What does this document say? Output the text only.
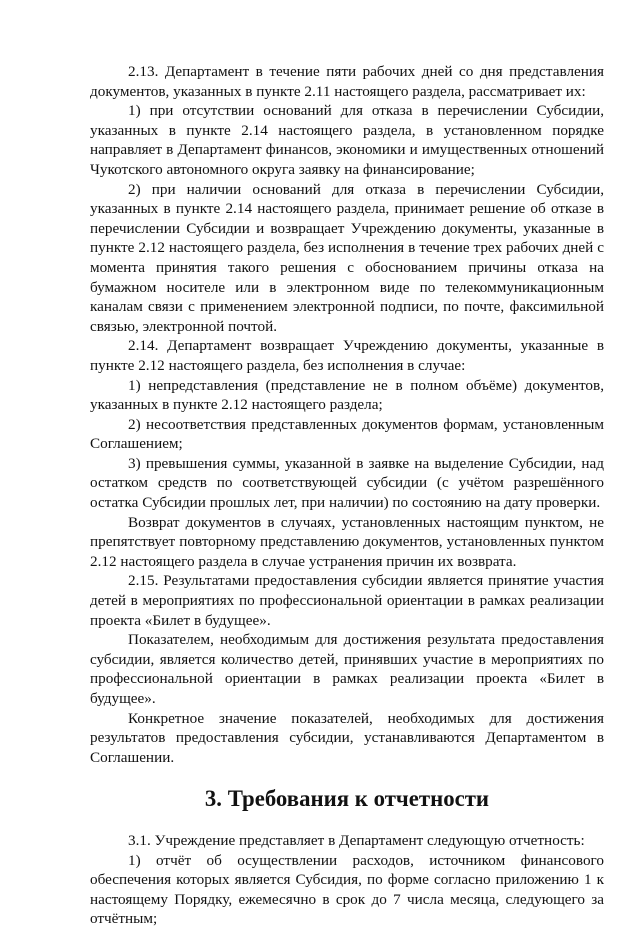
2.13. Департамент в течение пяти рабочих дней со дня представления документов, указанных в пункте 2.11 настоящего раздела, рассматривает их:

1) при отсутствии оснований для отказа в перечислении Субсидии, указанных в пункте 2.14 настоящего раздела, в установленном порядке направляет в Департамент финансов, экономики и имущественных отношений Чукотского автономного округа заявку на финансирование;

2) при наличии оснований для отказа в перечислении Субсидии, указанных в пункте 2.14 настоящего раздела, принимает решение об отказе в перечислении Субсидии и возвращает Учреждению документы, указанные в пункте 2.12 настоящего раздела, без исполнения в течение трех рабочих дней с момента принятия такого решения с обоснованием причины отказа на бумажном носителе или в электронном виде по телекоммуникационным каналам связи с применением электронной подписи, по почте, факсимильной связью, электронной почтой.

2.14. Департамент возвращает Учреждению документы, указанные в пункте 2.12 настоящего раздела, без исполнения в случае:

1) непредставления (представление не в полном объёме) документов, указанных в пункте 2.12 настоящего раздела;

2) несоответствия представленных документов формам, установленным Соглашением;

3) превышения суммы, указанной в заявке на выделение Субсидии, над остатком средств по соответствующей субсидии (с учётом разрешённого остатка Субсидии прошлых лет, при наличии) по состоянию на дату проверки.

Возврат документов в случаях, установленных настоящим пунктом, не препятствует повторному представлению документов, установленных пунктом 2.12 настоящего раздела в случае устранения причин их возврата.

2.15. Результатами предоставления субсидии является принятие участия детей в мероприятиях по профессиональной ориентации в рамках реализации проекта «Билет в будущее».

Показателем, необходимым для достижения результата предоставления субсидии, является количество детей, принявших участие в мероприятиях по профессиональной ориентации в рамках реализации проекта «Билет в будущее».

Конкретное значение показателей, необходимых для достижения результатов предоставления субсидии, устанавливаются Департаментом в Соглашении.

3. Требования к отчетности

3.1. Учреждение представляет в Департамент следующую отчетность:

1) отчёт об осуществлении расходов, источником финансового обеспечения которых является Субсидия, по форме согласно приложению 1 к настоящему Порядку, ежемесячно в срок до 7 числа месяца, следующего за отчётным;
